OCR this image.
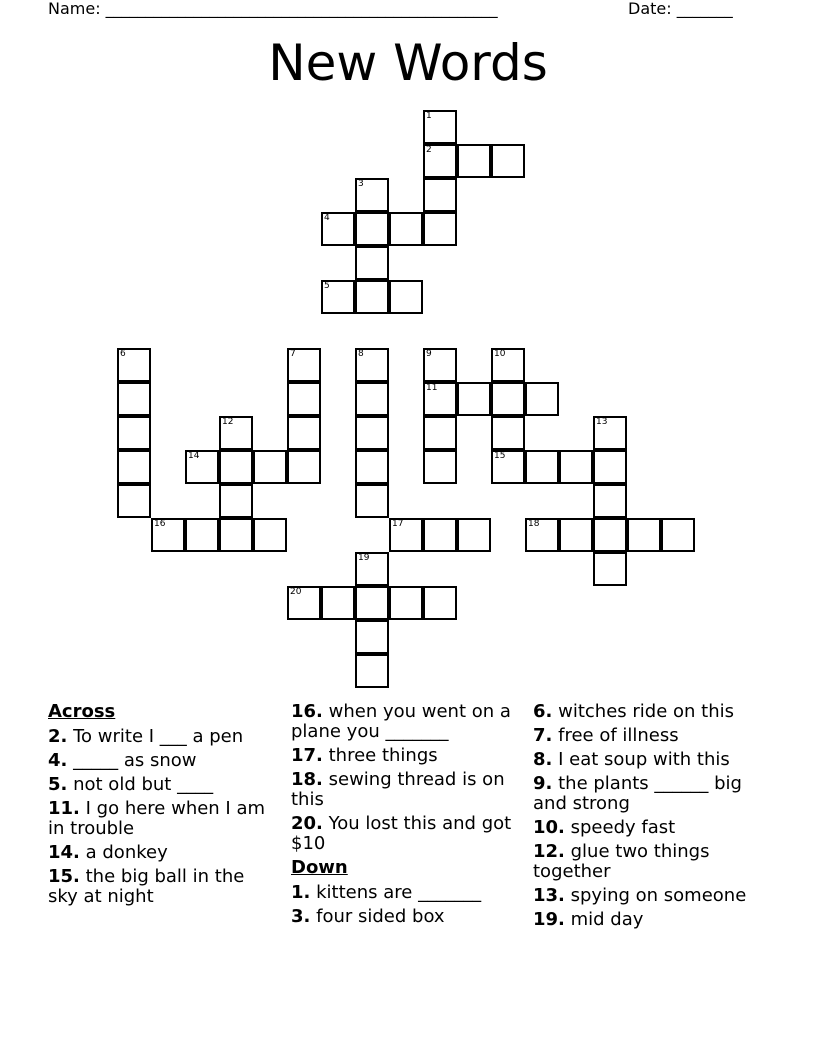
Name: _________________________________________________	Date: _______
New Words
1
2
3
4
5
6	7	8	9	10
11
12	13
14	15
16	17	18
19
20
Across
2. To write I ___ a pen
4. _____ as snow
5. not old but ____
11. I go here when I am in trouble
14. a donkey
15. the big ball in the sky at night
16. when you went on a plane you _______
17. three things
18. sewing thread is on this
20. You lost this and got $10
Down
1. kittens are _______
3. four sided box
6. witches ride on this
7. free of illness
8. I eat soup with this
9. the plants ______ big and strong
10. speedy fast
12. glue two things together
13. spying on someone
19. mid day
